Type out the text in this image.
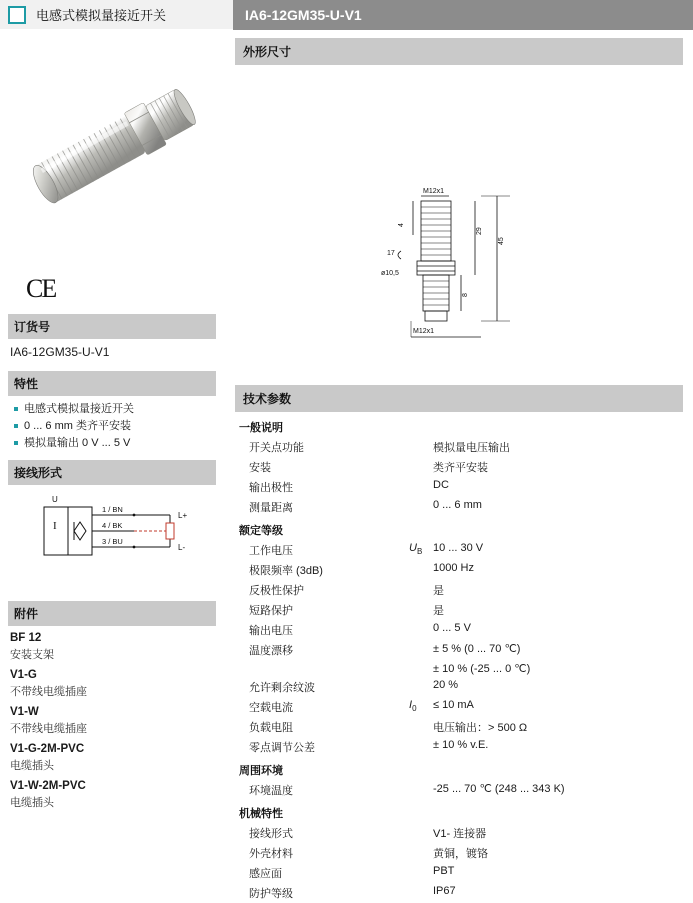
电感式模拟量接近开关	IA6-12GM35-U-V1
CE
订货号
IA6-12GM35-U-V1
特性
电感式模拟量接近开关
0 ... 6 mm 类齐平安装
模拟量输出 0 V ... 5 V
接线形式
U
I
1 / BN
4 / BK
3 / BU
L+
L-
附件
BF 12
安装支架
V1-G
不带线电缆插座
V1-W
不带线电缆插座
V1-G-2M-PVC
电缆插头
V1-W-2M-PVC
电缆插头
外形尺寸
M12x1
4
17
ø10,5
29
45
8
M12x1
技术参数
一般说明		
开关点功能		模拟量电压输出
安装		类齐平安装
输出极性		DC
测量距离		0 ... 6 mm
额定等级		
工作电压	$U_B$	10 ... 30 V
极限频率 (3dB)		1000 Hz
反极性保护		是
短路保护		是
输出电压		0 ... 5 V
温度漂移		± 5 % (0 ... 70 ℃)
		± 10 % (-25 ... 0 ℃)
允许剩余纹波		20 %
空载电流	$I_0$	≤ 10 mA
负载电阻		电压输出：> 500 Ω
零点调节公差		± 10 % v.E.
周围环境		
环境温度		-25 ... 70 ℃ (248 ... 343 K)
机械特性		
接线形式		V1- 连接器
外壳材料		黄铜，镀铬
感应面		PBT
防护等级		IP67
